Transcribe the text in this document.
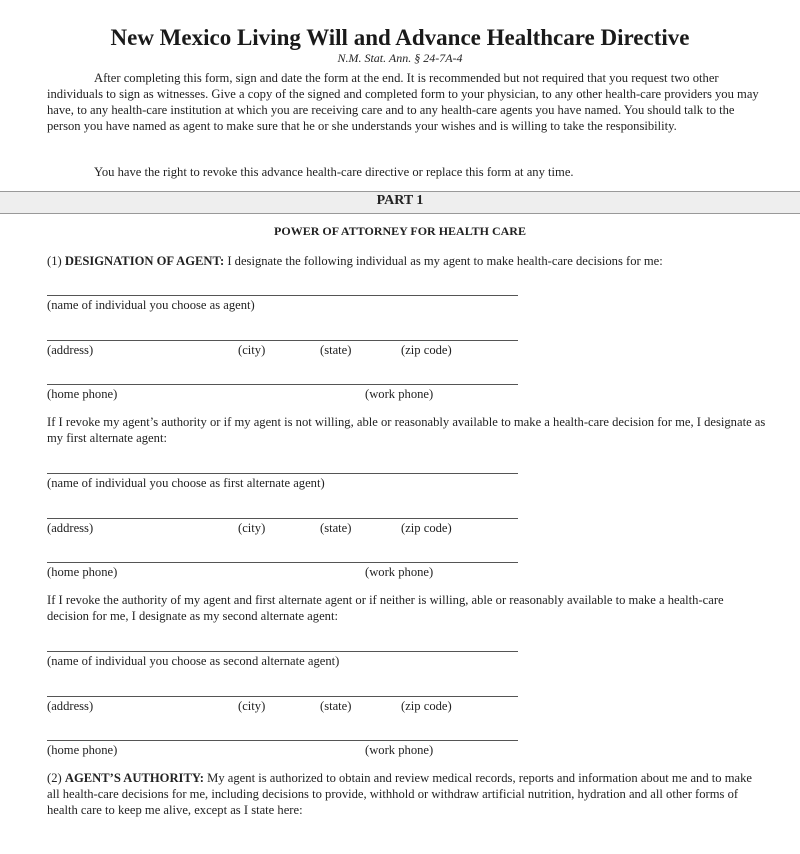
New Mexico Living Will and Advance Healthcare Directive
N.M. Stat. Ann. § 24-7A-4

After completing this form, sign and date the form at the end. It is recommended but not required that you request two other individuals to sign as witnesses. Give a copy of the signed and completed form to your physician, to any other health-care providers you may have, to any health-care institution at which you are receiving care and to any health-care agents you have named. You should talk to the person you have named as agent to make sure that he or she understands your wishes and is willing to take the responsibility.

You have the right to revoke this advance health-care directive or replace this form at any time.
PART 1
POWER OF ATTORNEY FOR HEALTH CARE

(1) DESIGNATION OF AGENT: I designate the following individual as my agent to make health-care decisions for me:

(name of individual you choose as agent)
(address)	(city)	(state)	(zip code)
(home phone)	(work phone)

If I revoke my agent’s authority or if my agent is not willing, able or reasonably available to make a health-care decision for me, I designate as my first alternate agent:

(name of individual you choose as first alternate agent)
(address)	(city)	(state)	(zip code)
(home phone)	(work phone)

If I revoke the authority of my agent and first alternate agent or if neither is willing, able or reasonably available to make a health-care decision for me, I designate as my second alternate agent:

(name of individual you choose as second alternate agent)
(address)	(city)	(state)	(zip code)
(home phone)	(work phone)

(2) AGENT’S AUTHORITY: My agent is authorized to obtain and review medical records, reports and information about me and to make all health-care decisions for me, including decisions to provide, withhold or withdraw artificial nutrition, hydration and all other forms of health care to keep me alive, except as I state here:
